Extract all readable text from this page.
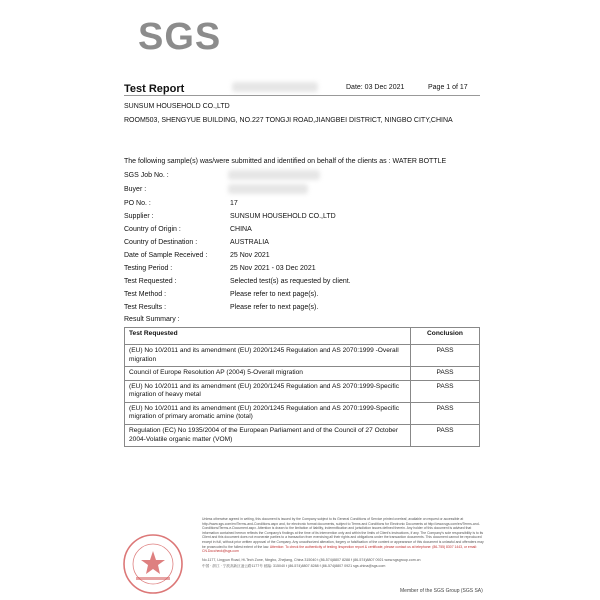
SGS
Test Report	Date: 03 Dec 2021	Page 1 of 17
SUNSUM HOUSEHOLD CO.,LTD
ROOM503, SHENGYUE BUILDING, NO.227 TONGJI ROAD,JIANGBEI DISTRICT, NINGBO CITY,CHINA
The following sample(s) was/were submitted and identified on behalf of the clients as : WATER BOTTLE
SGS Job No. :
Buyer :
PO No. :	17
Supplier :	SUNSUM HOUSEHOLD CO.,LTD
Country of Origin :	CHINA
Country of Destination :	AUSTRALIA
Date of Sample Received :	25 Nov 2021
Testing Period :	25 Nov 2021 - 03 Dec 2021
Test Requested :	Selected test(s) as requested by client.
Test Method :	Please refer to next page(s).
Test Results :	Please refer to next page(s).
Result Summary :
Test Requested	Conclusion
(EU) No 10/2011 and its amendment (EU) 2020/1245 Regulation and AS 2070:1999 -Overall migration	PASS
Council of Europe Resolution AP (2004) 5-Overall migration	PASS
(EU) No 10/2011 and its amendment (EU) 2020/1245 Regulation and AS 2070:1999-Specific migration of heavy metal	PASS
(EU) No 10/2011 and its amendment (EU) 2020/1245 Regulation and AS 2070:1999-Specific migration of primary aromatic amine (total)	PASS
Regulation (EC) No 1935/2004 of the European Parliament and of the Council of 27 October 2004-Volatile organic matter (VOM)	PASS
Unless otherwise agreed in writing, this document is issued by the Company subject to its General Conditions of Service printed overleaf, available on request or accessible at http://www.sgs.com/en/Terms-and-Conditions.aspx and, for electronic format documents, subject to Terms and Conditions for Electronic Documents at http://www.sgs.com/en/Terms-and-Conditions/Terms-e-Document.aspx. Attention is drawn to the limitation of liability, indemnification and jurisdiction issues defined therein. Any holder of this document is advised that information contained hereon reflects the Company's findings at the time of its intervention only and within the limits of Client's instructions, if any. The Company's sole responsibility is to its Client and this document does not exonerate parties to a transaction from exercising all their rights and obligations under the transaction documents. This document cannot be reproduced except in full, without prior written approval of the Company. Any unauthorized alteration, forgery or falsification of the content or appearance of this document is unlawful and offenders may be prosecuted to the fullest extent of the law. Attention: To check the authenticity of testing /inspection report & certificate, please contact us at telephone: (86-755) 8307 1443, or email: CN.Doccheck@sgs.com
No.1177, Lingyun Road, Hi-Tech Zone, Ningbo, Zhejiang, China 315040 t (86-574)8807 8288 f (86-574)8807 0921 www.sgsgroup.com.cn
中国 · 浙江 · 宁波高新区凌云路1177号 邮编: 315040 t (86-574)8807 8288 f (86-574)8807 0921 sgs.china@sgs.com
Member of the SGS Group (SGS SA)
